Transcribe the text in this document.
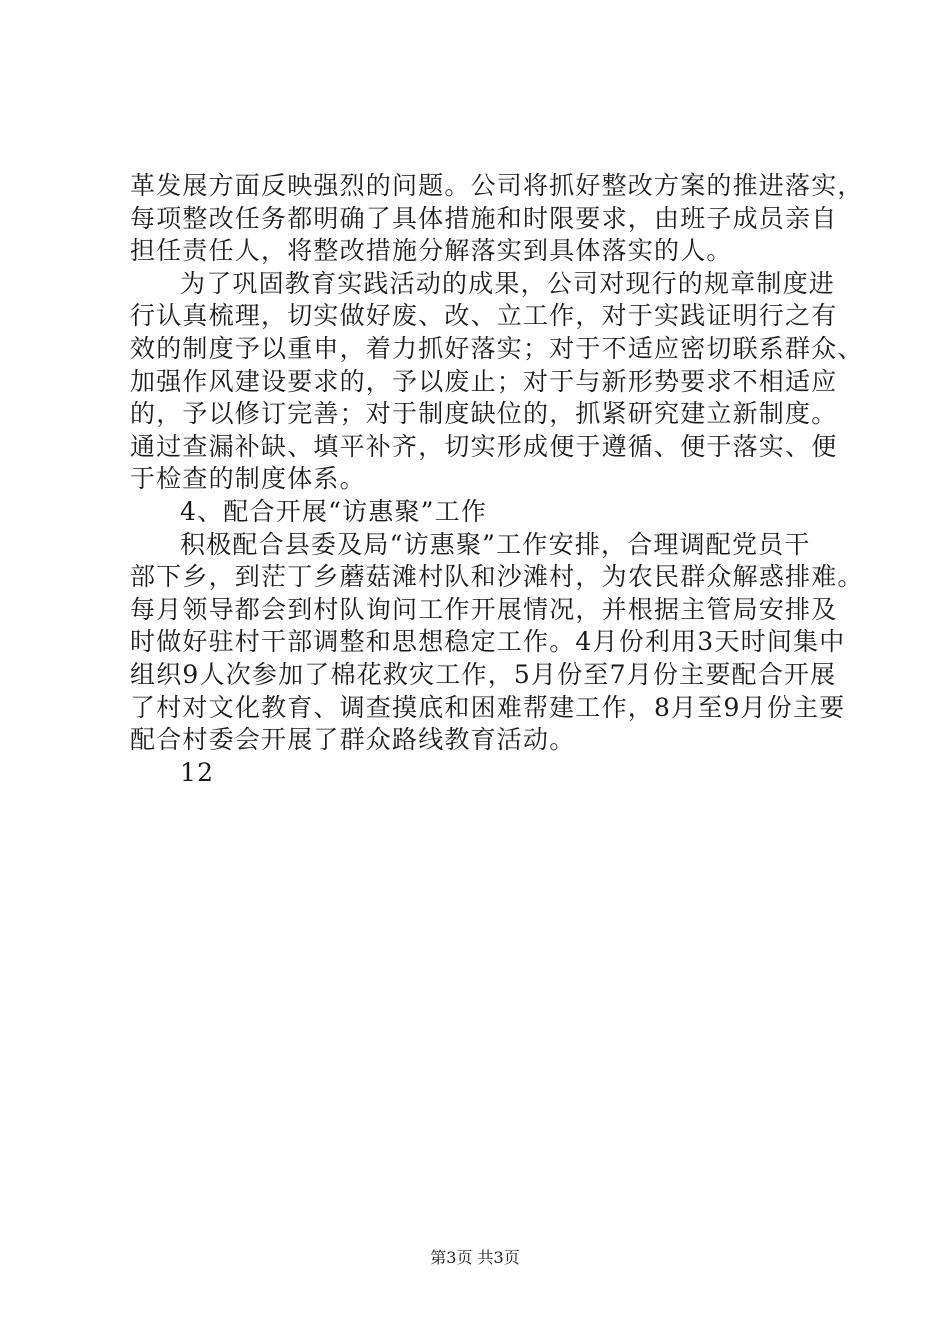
革发展方面反映强烈的问题。公司将抓好整改方案的推进落实，
每项整改任务都明确了具体措施和时限要求，由班子成员亲自
担任责任人，将整改措施分解落实到具体落实的人。

为了巩固教育实践活动的成果，公司对现行的规章制度进
行认真梳理，切实做好废、改、立工作，对于实践证明行之有
效的制度予以重申，着力抓好落实；对于不适应密切联系群众、
加强作风建设要求的，予以废止；对于与新形势要求不相适应
的，予以修订完善；对于制度缺位的，抓紧研究建立新制度。
通过查漏补缺、填平补齐，切实形成便于遵循、便于落实、便
于检查的制度体系。

4、配合开展“访惠聚”工作

积极配合县委及局“访惠聚”工作安排，合理调配党员干
部下乡，到茫丁乡蘑菇滩村队和沙滩村，为农民群众解惑排难。
每月领导都会到村队询问工作开展情况，并根据主管局安排及
时做好驻村干部调整和思想稳定工作。4月份利用3天时间集中
组织9人次参加了棉花救灾工作，5月份至7月份主要配合开展
了村对文化教育、调查摸底和困难帮建工作，8月至9月份主要
配合村委会开展了群众路线教育活动。

12

第3页 共3页
